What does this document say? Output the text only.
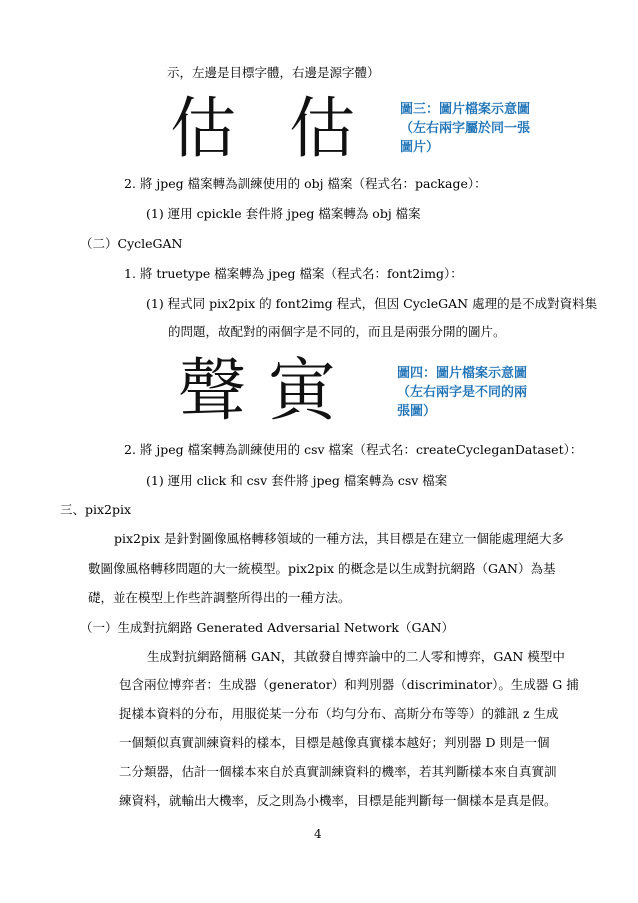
示，左邊是目標字體，右邊是源字體）
估 估	圖三：圖片檔案示意圖
（左右兩字屬於同一張
圖片）
2. 將 jpeg 檔案轉為訓練使用的 obj 檔案（程式名：package）：
(1) 運用 cpickle 套件將 jpeg 檔案轉為 obj 檔案
（二）CycleGAN
1. 將 truetype 檔案轉為 jpeg 檔案（程式名：font2img）：
(1) 程式同 pix2pix 的 font2img 程式，但因 CycleGAN 處理的是不成對資料集
的問題，故配對的兩個字是不同的，而且是兩張分開的圖片。
聲 寅	圖四：圖片檔案示意圖
（左右兩字是不同的兩
張圖）
2. 將 jpeg 檔案轉為訓練使用的 csv 檔案（程式名：createCycleganDataset）：
(1) 運用 click 和 csv 套件將 jpeg 檔案轉為 csv 檔案
三、pix2pix
pix2pix 是針對圖像風格轉移領域的一種方法，其目標是在建立一個能處理絕大多
數圖像風格轉移問題的大一統模型。pix2pix 的概念是以生成對抗網路（GAN）為基
礎，並在模型上作些許調整所得出的一種方法。
（一）生成對抗網路 Generated Adversarial Network（GAN）
生成對抗網路簡稱 GAN，其啟發自博弈論中的二人零和博弈，GAN 模型中
包含兩位博弈者：生成器（generator）和判別器（discriminator）。生成器 G 捕
捉樣本資料的分布，用服從某一分布（均勻分布、高斯分布等等）的雜訊 z 生成
一個類似真實訓練資料的樣本，目標是越像真實樣本越好；判別器 D 則是一個
二分類器，估計一個樣本來自於真實訓練資料的機率，若其判斷樣本來自真實訓
練資料，就輸出大機率，反之則為小機率，目標是能判斷每一個樣本是真是假。
4
